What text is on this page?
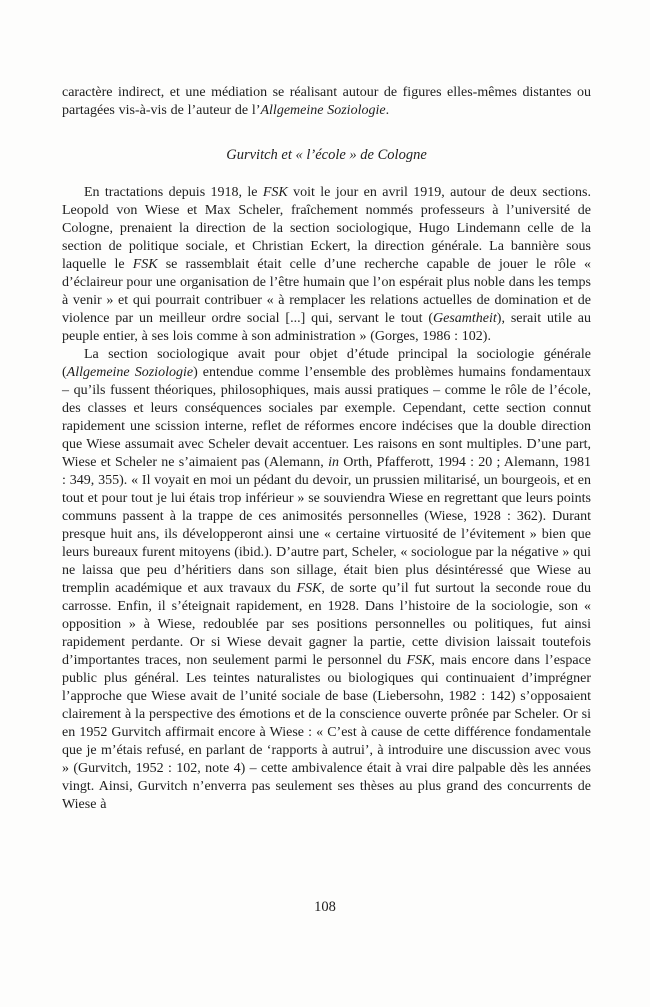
caractère indirect, et une médiation se réalisant autour de figures elles-mêmes distantes ou partagées vis-à-vis de l’auteur de l’Allgemeine Soziologie.

Gurvitch et « l’école » de Cologne

En tractations depuis 1918, le FSK voit le jour en avril 1919, autour de deux sections. Leopold von Wiese et Max Scheler, fraîchement nommés professeurs à l’université de Cologne, prenaient la direction de la section sociologique, Hugo Lindemann celle de la section de politique sociale, et Christian Eckert, la direction générale. La bannière sous laquelle le FSK se rassemblait était celle d’une recherche capable de jouer le rôle « d’éclaireur pour une organisation de l’être humain que l’on espérait plus noble dans les temps à venir » et qui pourrait contribuer « à remplacer les relations actuelles de domination et de violence par un meilleur ordre social [...] qui, servant le tout (Gesamtheit), serait utile au peuple entier, à ses lois comme à son administration » (Gorges, 1986 : 102).

La section sociologique avait pour objet d’étude principal la sociologie générale (Allgemeine Soziologie) entendue comme l’ensemble des problèmes humains fondamentaux – qu’ils fussent théoriques, philosophiques, mais aussi pratiques – comme le rôle de l’école, des classes et leurs conséquences sociales par exemple. Cependant, cette section connut rapidement une scission interne, reflet de réformes encore indécises que la double direction que Wiese assumait avec Scheler devait accentuer. Les raisons en sont multiples. D’une part, Wiese et Scheler ne s’aimaient pas (Alemann, in Orth, Pfafferott, 1994 : 20 ; Alemann, 1981 : 349, 355). « Il voyait en moi un pédant du devoir, un prussien militarisé, un bourgeois, et en tout et pour tout je lui étais trop inférieur » se souviendra Wiese en regrettant que leurs points communs passent à la trappe de ces animosités personnelles (Wiese, 1928 : 362). Durant presque huit ans, ils développeront ainsi une « certaine virtuosité de l’évitement » bien que leurs bureaux furent mitoyens (ibid.). D’autre part, Scheler, « sociologue par la négative » qui ne laissa que peu d’héritiers dans son sillage, était bien plus désintéressé que Wiese au tremplin académique et aux travaux du FSK, de sorte qu’il fut surtout la seconde roue du carrosse. Enfin, il s’éteignait rapidement, en 1928. Dans l’histoire de la sociologie, son « opposition » à Wiese, redoublée par ses positions personnelles ou politiques, fut ainsi rapidement perdante. Or si Wiese devait gagner la partie, cette division laissait toutefois d’importantes traces, non seulement parmi le personnel du FSK, mais encore dans l’espace public plus général. Les teintes naturalistes ou biologiques qui continuaient d’imprégner l’approche que Wiese avait de l’unité sociale de base (Liebersohn, 1982 : 142) s’opposaient clairement à la perspective des émotions et de la conscience ouverte prônée par Scheler. Or si en 1952 Gurvitch affirmait encore à Wiese : « C’est à cause de cette différence fondamentale que je m’étais refusé, en parlant de ‘rapports à autrui’, à introduire une discussion avec vous » (Gurvitch, 1952 : 102, note 4) – cette ambivalence était à vrai dire palpable dès les années vingt. Ainsi, Gurvitch n’enverra pas seulement ses thèses au plus grand des concurrents de Wiese à

108
